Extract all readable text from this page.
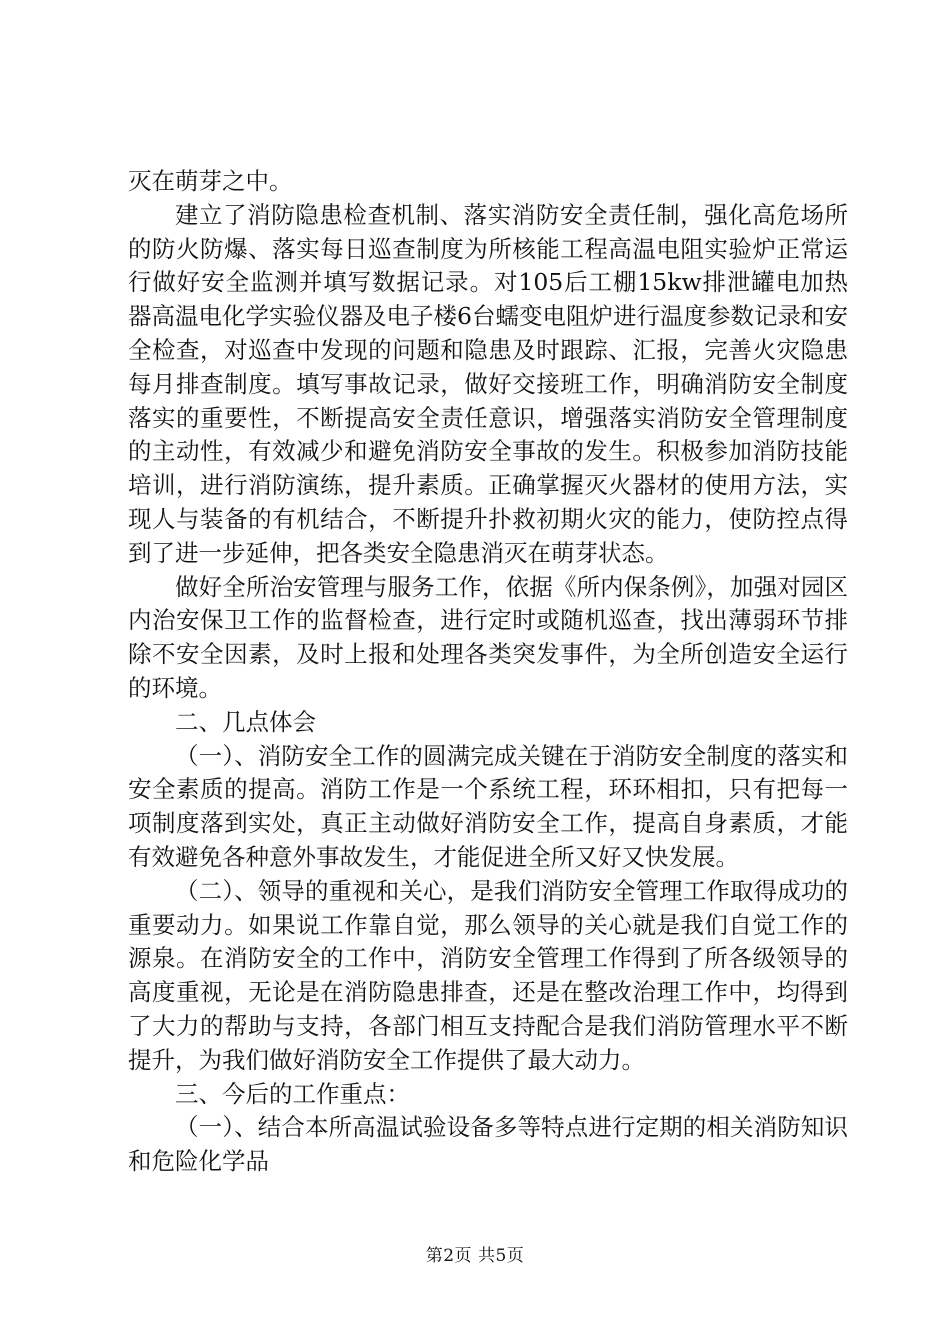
灭在萌芽之中。

建立了消防隐患检查机制、落实消防安全责任制，强化高危场所的防火防爆、落实每日巡查制度为所核能工程高温电阻实验炉正常运行做好安全监测并填写数据记录。对105后工棚15kw排泄罐电加热器高温电化学实验仪器及电子楼6台蠕变电阻炉进行温度参数记录和安全检查，对巡查中发现的问题和隐患及时跟踪、汇报，完善火灾隐患每月排查制度。填写事故记录，做好交接班工作，明确消防安全制度落实的重要性，不断提高安全责任意识，增强落实消防安全管理制度的主动性，有效减少和避免消防安全事故的发生。积极参加消防技能培训，进行消防演练，提升素质。正确掌握灭火器材的使用方法，实现人与装备的有机结合，不断提升扑救初期火灾的能力，使防控点得到了进一步延伸，把各类安全隐患消灭在萌芽状态。

做好全所治安管理与服务工作，依据《所内保条例》，加强对园区内治安保卫工作的监督检查，进行定时或随机巡查，找出薄弱环节排除不安全因素，及时上报和处理各类突发事件，为全所创造安全运行的环境。

二、几点体会

（一）、消防安全工作的圆满完成关键在于消防安全制度的落实和安全素质的提高。消防工作是一个系统工程，环环相扣，只有把每一项制度落到实处，真正主动做好消防安全工作，提高自身素质，才能有效避免各种意外事故发生，才能促进全所又好又快发展。

（二）、领导的重视和关心，是我们消防安全管理工作取得成功的重要动力。如果说工作靠自觉，那么领导的关心就是我们自觉工作的源泉。在消防安全的工作中，消防安全管理工作得到了所各级领导的高度重视，无论是在消防隐患排查，还是在整改治理工作中，均得到了大力的帮助与支持，各部门相互支持配合是我们消防管理水平不断提升，为我们做好消防安全工作提供了最大动力。

三、今后的工作重点：

（一）、结合本所高温试验设备多等特点进行定期的相关消防知识和危险化学品

第2页 共5页
